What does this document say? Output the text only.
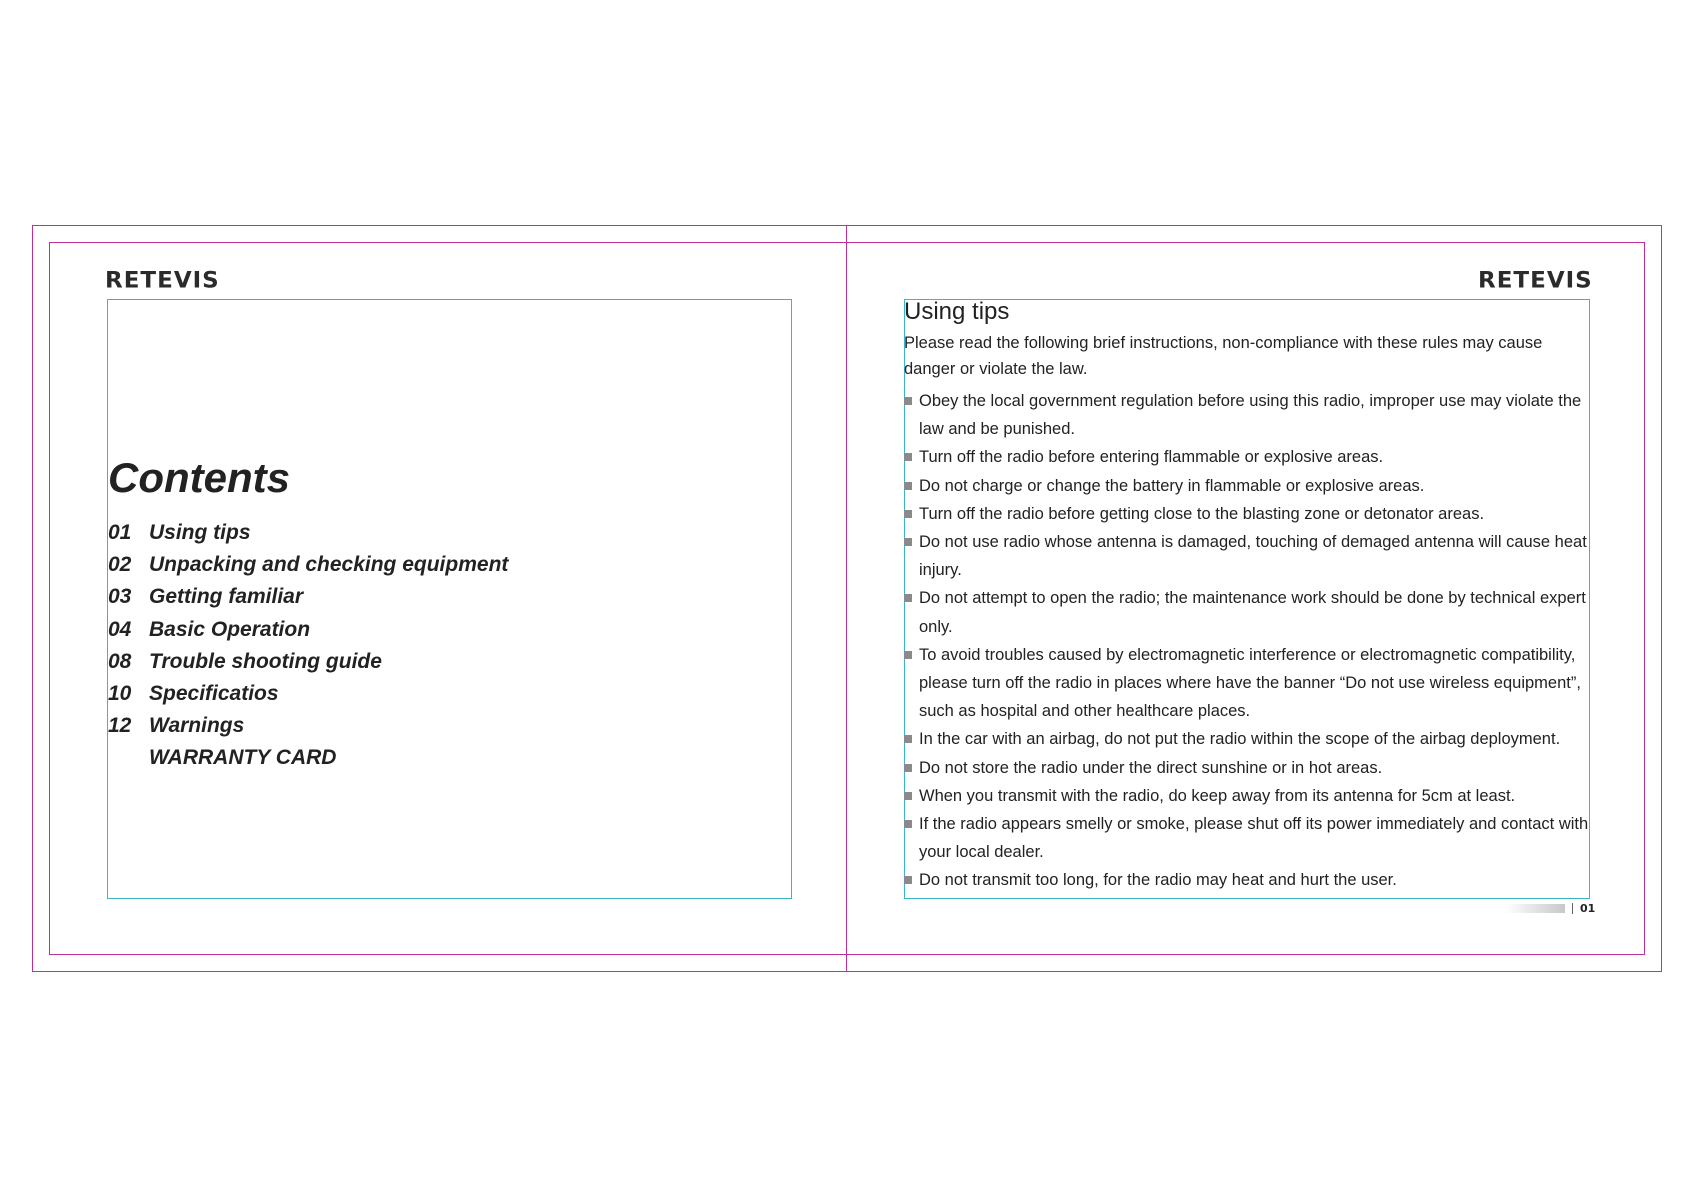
RETEVIS
Contents
01 Using tips
02 Unpacking and checking equipment
03 Getting familiar
04 Basic Operation
08 Trouble shooting guide
10 Specificatios
12 Warnings
WARRANTY CARD
RETEVIS
Using tips

Please read the following brief instructions, non-compliance with these rules may cause danger or violate the law.

Obey the local government regulation before using this radio, improper use may violate the law and be punished.
Turn off the radio before entering flammable or explosive areas.
Do not charge or change the battery in flammable or explosive areas.
Turn off the radio before getting close to the blasting zone or detonator areas.
Do not use radio whose antenna is damaged, touching of demaged antenna will cause heat injury.
Do not attempt to open the radio; the maintenance work should be done by technical expert only.
To avoid troubles caused by electromagnetic interference or electromagnetic compatibility, please turn off the radio in places where have the banner “Do not use wireless equipment”, such as hospital and other healthcare places.
In the car with an airbag, do not put the radio within the scope of the airbag deployment.
Do not store the radio under the direct sunshine or in hot areas.
When you transmit with the radio, do keep away from its antenna for 5cm at least.
If the radio appears smelly or smoke, please shut off its power immediately and contact with your local dealer.
Do not transmit too long, for the radio may heat and hurt the user.
01
